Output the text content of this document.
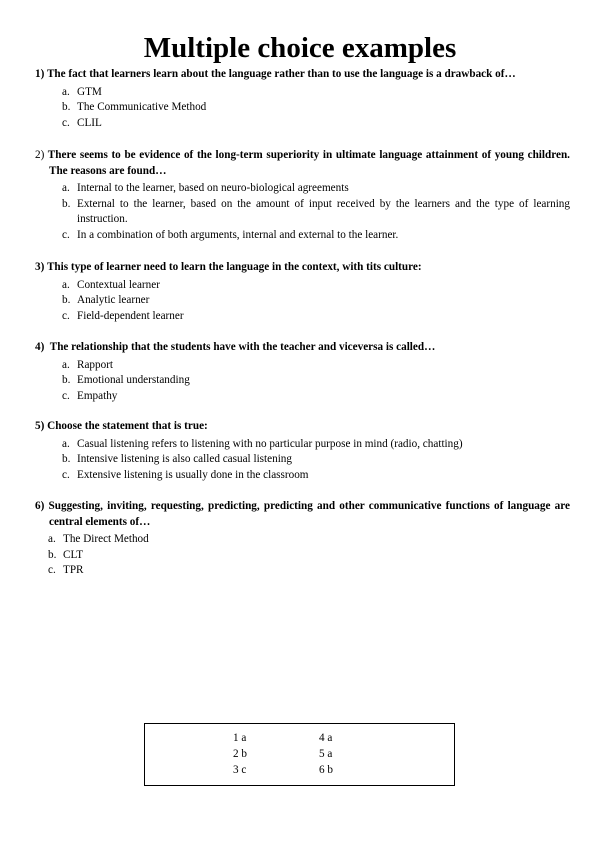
Multiple choice examples
1) The fact that learners learn about the language rather than to use the language is a drawback of…
a. GTM
b. The Communicative Method
c. CLIL
2) There seems to be evidence of the long-term superiority in ultimate language attainment of young children. The reasons are found…
a. Internal to the learner, based on neuro-biological agreements
b. External to the learner, based on the amount of input received by the learners and the type of learning instruction.
c. In a combination of both arguments, internal and external to the learner.
3) This type of learner need to learn the language in the context, with tits culture:
a. Contextual learner
b. Analytic learner
c. Field-dependent learner
4) The relationship that the students have with the teacher and viceversa is called…
a. Rapport
b. Emotional understanding
c. Empathy
5) Choose the statement that is true:
a. Casual listening refers to listening with no particular purpose in mind (radio, chatting)
b. Intensive listening is also called casual listening
c. Extensive listening is usually done in the classroom
6) Suggesting, inviting, requesting, predicting, predicting and other communicative functions of language are central elements of…
a. The Direct Method
b. CLT
c. TPR
1 a	4 a
2 b	5 a
3 c	6 b
